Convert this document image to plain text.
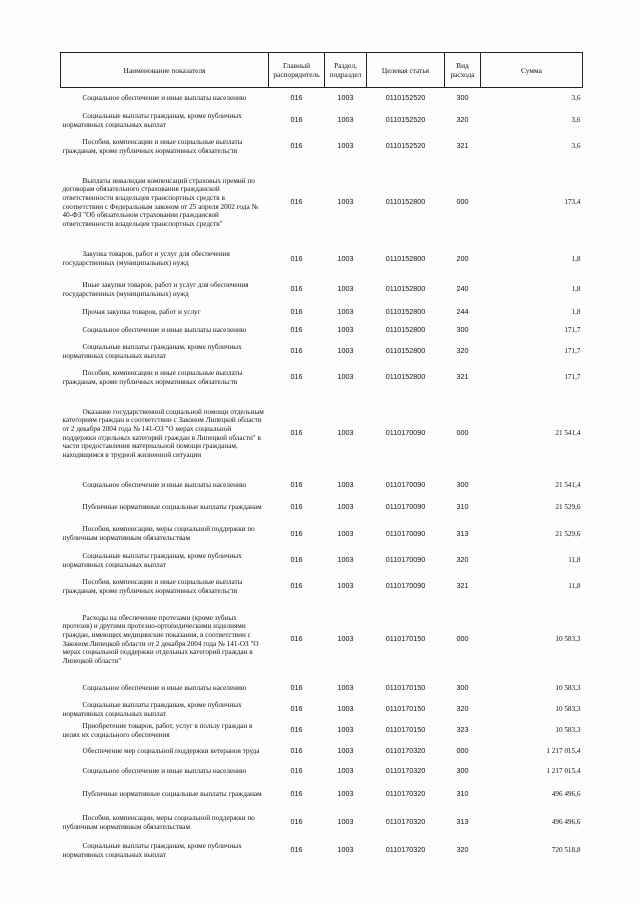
Наименование показателя	Главный распорядитель	Раздел, подраздел	Целевая статья	Вид расхода	Сумма

Социальное обеспечение и иные выплаты населению	016	1003	0110152520	300	3,6

Социальные выплаты гражданам, кроме публичных нормативных социальных выплат	016	1003	0110152520	320	3,6

Пособия, компенсации и иные социальные выплаты гражданам, кроме публичных нормативных обязательств	016	1003	0110152520	321	3,6

Выплаты инвалидам компенсаций страховых премий по договорам обязательного страхования гражданской ответственности владельцев транспортных средств в соответствии с Федеральным законом от 25 апреля 2002 года № 40-ФЗ "Об обязательном страховании гражданской ответственности владельцев транспортных средств"	016	1003	0110152800	000	173,4

Закупка товаров, работ и услуг для обеспечения государственных (муниципальных) нужд	016	1003	0110152800	200	1,8

Иные закупки товаров, работ и услуг для обеспечения государственных (муниципальных) нужд	016	1003	0110152800	240	1,8

Прочая закупка товаров, работ и услуг	016	1003	0110152800	244	1,8

Социальное обеспечение и иные выплаты населению	016	1003	0110152800	300	171,7

Социальные выплаты гражданам, кроме публичных нормативных социальных выплат	016	1003	0110152800	320	171,7

Пособия, компенсации и иные социальные выплаты гражданам, кроме публичных нормативных обязательств	016	1003	0110152800	321	171,7

Оказание государственной социальной помощи отдельным категориям граждан в соответствии с Законом Липецкой области от 2 декабря 2004 года № 141-ОЗ "О мерах социальной поддержки отдельных категорий граждан в Липецкой области" в части предоставления материальной помощи гражданам, находящимся в трудной жизненной ситуации	016	1003	0110170090	000	21 541,4

Социальное обеспечение и иные выплаты населению	016	1003	0110170090	300	21 541,4

Публичные нормативные социальные выплаты гражданам	016	1003	0110170090	310	21 529,6

Пособия, компенсации, меры социальной поддержки по публичным нормативным обязательствам	016	1003	0110170090	313	21 529,6

Социальные выплаты гражданам, кроме публичных нормативных социальных выплат	016	1003	0110170090	320	11,8

Пособия, компенсации и иные социальные выплаты гражданам, кроме публичных нормативных обязательств	016	1003	0110170090	321	11,8

Расходы на обеспечение протезами (кроме зубных протезов) и другими протезно-ортопедическими изделиями граждан, имеющих медицинские показания, в соответствии с Законом Липецкой области от 2 декабря 2004 года № 141-ОЗ "О мерах социальной поддержки отдельных категорий граждан в Липецкой области"	016	1003	0110170150	000	10 583,3

Социальное обеспечение и иные выплаты населению	016	1003	0110170150	300	10 583,3

Социальные выплаты гражданам, кроме публичных нормативных социальных выплат	016	1003	0110170150	320	10 583,3

Приобретение товаров, работ, услуг в пользу граждан в целях их социального обеспечения	016	1003	0110170150	323	10 583,3

Обеспечение мер социальной поддержки ветеранов труда	016	1003	0110170320	000	1 217 015,4

Социальное обеспечение и иные выплаты населению	016	1003	0110170320	300	1 217 015,4

Публичные нормативные социальные выплаты гражданам	016	1003	0110170320	310	496 496,6

Пособия, компенсации, меры социальной поддержки по публичным нормативным обязательствам	016	1003	0110170320	313	496 496,6

Социальные выплаты гражданам, кроме публичных нормативных социальных выплат	016	1003	0110170320	320	720 518,8
